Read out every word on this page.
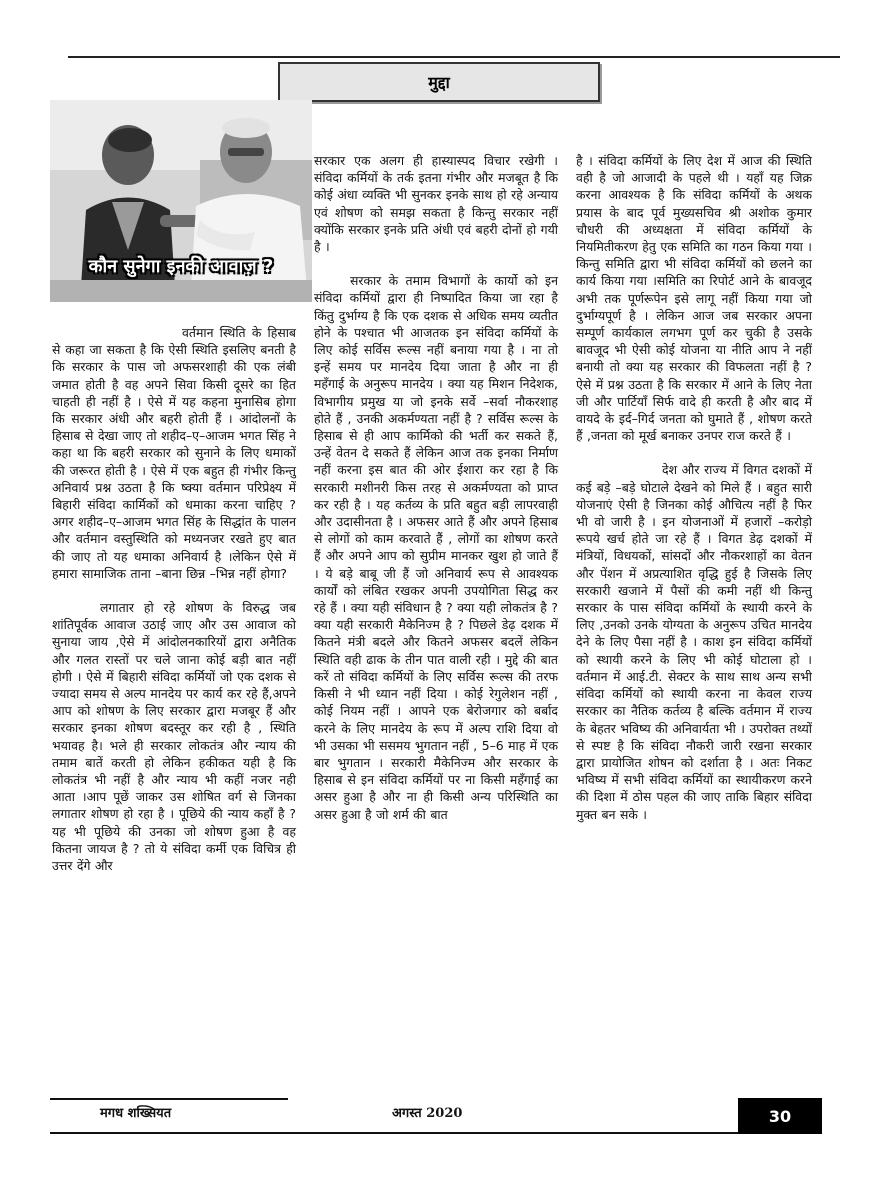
मुद्दा
कौन सुनेगा इनकी आवाज़ ?

वर्तमान स्थिति के हिसाब से कहा जा सकता है कि ऐसी स्थिति इसलिए बनती है कि सरकार के पास जो अफसरशाही की एक लंबी जमात होती है वह अपने सिवा किसी दूसरे का हित चाहती ही नहीं है । ऐसे में यह कहना मुनासिब होगा कि सरकार अंधी और बहरी होती हैं । आंदोलनों के हिसाब से देखा जाए तो शहीद–ए–आजम भगत सिंह ने कहा था कि बहरी सरकार को सुनाने के लिए धमाकों की जरूरत होती है । ऐसे में एक बहुत ही गंभीर किन्तु अनिवार्य प्रश्न उठता है कि ष्क्या वर्तमान परिप्रेक्ष्य में बिहारी संविदा कार्मिकों को धमाका करना चाहिए ? अगर शहीद–ए–आजम भगत सिंह के सिद्धांत के पालन और वर्तमान वस्तुस्थिति को मध्यनजर रखते हुए बात की जाए तो यह धमाका अनिवार्य है ।लेकिन ऐसे में हमारा सामाजिक ताना –बाना छिन्न –भिन्न नहीं होगा?

लगातार हो रहे शोषण के विरुद्ध जब शांतिपूर्वक आवाज उठाई जाए और उस आवाज को सुनाया जाय ,ऐसे में आंदोलनकारियों द्वारा अनैतिक और गलत रास्तों पर चले जाना कोई बड़ी बात नहीं होगी । ऐसे में बिहारी संविदा कर्मियों जो एक दशक से ज्यादा समय से अल्प मानदेय पर कार्य कर रहे हैं,अपने आप को शोषण के लिए सरकार द्वारा मजबूर हैं और सरकार इनका शोषण बदस्तूर कर रही है , स्थिति भयावह है। भले ही सरकार लोकतंत्र और न्याय की तमाम बातें करती हो लेकिन हकीकत यही है कि लोकतंत्र भी नहीं है और न्याय भी कहीं नजर नही आता ।आप पूछें जाकर उस शोषित वर्ग से जिनका लगातार शोषण हो रहा है । पूछिये की न्याय कहाँ है ? यह भी पूछिये की उनका जो शोषण हुआ है वह कितना जायज है ? तो ये संविदा कर्मी एक विचित्र ही उत्तर देंगे और

सरकार एक अलग ही हास्यास्पद विचार रखेगी । संविदा कर्मियों के तर्क इतना गंभीर और मजबूत है कि कोई अंधा व्यक्ति भी सुनकर इनके साथ हो रहे अन्याय एवं शोषण को समझ सकता है किन्तु सरकार नहीं क्योंकि सरकार इनके प्रति अंधी एवं बहरी दोनों हो गयी है ।

सरकार के तमाम विभागों के कार्यो को इन संविदा कर्मियों द्वारा ही निष्पादित किया जा रहा है किंतु दुर्भाग्य है कि एक दशक से अधिक समय व्यतीत होने के पश्चात भी आजतक इन संविदा कर्मियों के लिए कोई सर्विस रूल्स नहीं बनाया गया है । ना तो इन्हें समय पर मानदेय दिया जाता है और ना ही महँगाई के अनुरूप मानदेय । क्या यह मिशन निदेशक, विभागीय प्रमुख या जो इनके सर्वे –सर्वा नौकरशाह होते हैं , उनकी अकर्मण्यता नहीं है ? सर्विस रूल्स के हिसाब से ही आप कार्मिको की भर्ती कर सकते हैं, उन्हें वेतन दे सकते हैं लेकिन आज तक इनका निर्माण नहीं करना इस बात की ओर ईशारा कर रहा है कि सरकारी मशीनरी किस तरह से अकर्मण्यता को प्राप्त कर रही है । यह कर्तव्य के प्रति बहुत बड़ी लापरवाही और उदासीनता है । अफसर आते हैं और अपने हिसाब से लोगों को काम करवाते हैं , लोगों का शोषण करते हैं और अपने आप को सुप्रीम मानकर खुश हो जाते हैं । ये बड़े बाबू जी हैं जो अनिवार्य रूप से आवश्यक कार्यों को लंबित रखकर अपनी उपयोगिता सिद्ध कर रहे हैं । क्या यही संविधान है ? क्या यही लोकतंत्र है ? क्या यही सरकारी मैकेनिज्म है ? पिछले डेढ़ दशक में कितने मंत्री बदले और कितने अफसर बदलें लेकिन स्थिति वही ढाक के तीन पात वाली रही । मुद्दे की बात करें तो संविदा कर्मियों के लिए सर्विस रूल्स की तरफ किसी ने भी ध्यान नहीं दिया । कोई रेगुलेशन नहीं , कोई नियम नहीं । आपने एक बेरोजगार को बर्बाद करने के लिए मानदेय के रूप में अल्प राशि दिया वो भी उसका भी ससमय भुगतान नहीं , 5–6 माह में एक बार भुगतान । सरकारी मैकेनिज्म और सरकार के हिसाब से इन संविदा कर्मियों पर ना किसी महँगाई का असर हुआ है और ना ही किसी अन्य परिस्थिति का असर हुआ है जो शर्म की बात

है । संविदा कर्मियों के लिए देश में आज की स्थिति वही है जो आजादी के पहले थी । यहाँ यह जिक्र करना आवश्यक है कि संविदा कर्मियों के अथक प्रयास के बाद पूर्व मुख्यसचिव श्री अशोक कुमार चौधरी की अध्यक्षता में संविदा कर्मियों के नियमितीकरण हेतु एक समिति का गठन किया गया । किन्तु समिति द्वारा भी संविदा कर्मियों को छलने का कार्य किया गया ।समिति का रिपोर्ट आने के बावजूद अभी तक पूर्णरूपेन इसे लागू नहीं किया गया जो दुर्भाग्यपूर्ण है । लेकिन आज जब सरकार अपना सम्पूर्ण कार्यकाल लगभग पूर्ण कर चुकी है उसके बावजूद भी ऐसी कोई योजना या नीति आप ने नहीं बनायी तो क्या यह सरकार की विफलता नहीं है ? ऐसे में प्रश्न उठता है कि सरकार में आने के लिए नेता जी और पार्टियाँ सिर्फ वादे ही करती है और बाद में वायदे के इर्द–गिर्द जनता को घुमाते हैं , शोषण करते हैं ,जनता को मूर्ख बनाकर उनपर राज करते हैं ।

देश और राज्य में विगत दशकों में कई बड़े –बड़े घोटाले देखने को मिले हैं । बहुत सारी योजनाएं ऐसी है जिनका कोई औचित्य नहीं है फिर भी वो जारी है । इन योजनाओं में हजारों –करोड़ो रूपये खर्च होते जा रहे हैं । विगत डेढ़ दशकों में मंत्रियों, विधयकों, सांसदों और नौकरशाहों का वेतन और पेंशन में अप्रत्याशित वृद्धि हुई है जिसके लिए सरकारी खजाने में पैसों की कमी नहीं थी किन्तु सरकार के पास संविदा कर्मियों के स्थायी करने के लिए ,उनको उनके योग्यता के अनुरूप उचित मानदेय देने के लिए पैसा नहीं है । काश इन संविदा कर्मियों को स्थायी करने के लिए भी कोई घोटाला हो । वर्तमान में आई.टी. सेक्टर के साथ साथ अन्य सभी संविदा कर्मियों को स्थायी करना ना केवल राज्य सरकार का नैतिक कर्तव्य है बल्कि वर्तमान में राज्य के बेहतर भविष्य की अनिवार्यता भी । उपरोक्त तथ्यों से स्पष्ट है कि संविदा नौकरी जारी रखना सरकार द्वारा प्रायोजित शोषन को दर्शाता है । अतः निकट भविष्य में सभी संविदा कर्मियों का स्थायीकरण करने की दिशा में ठोस पहल की जाए ताकि बिहार संविदा मुक्त बन सके ।

मगध शख्सियत	अगस्त 2020	30
